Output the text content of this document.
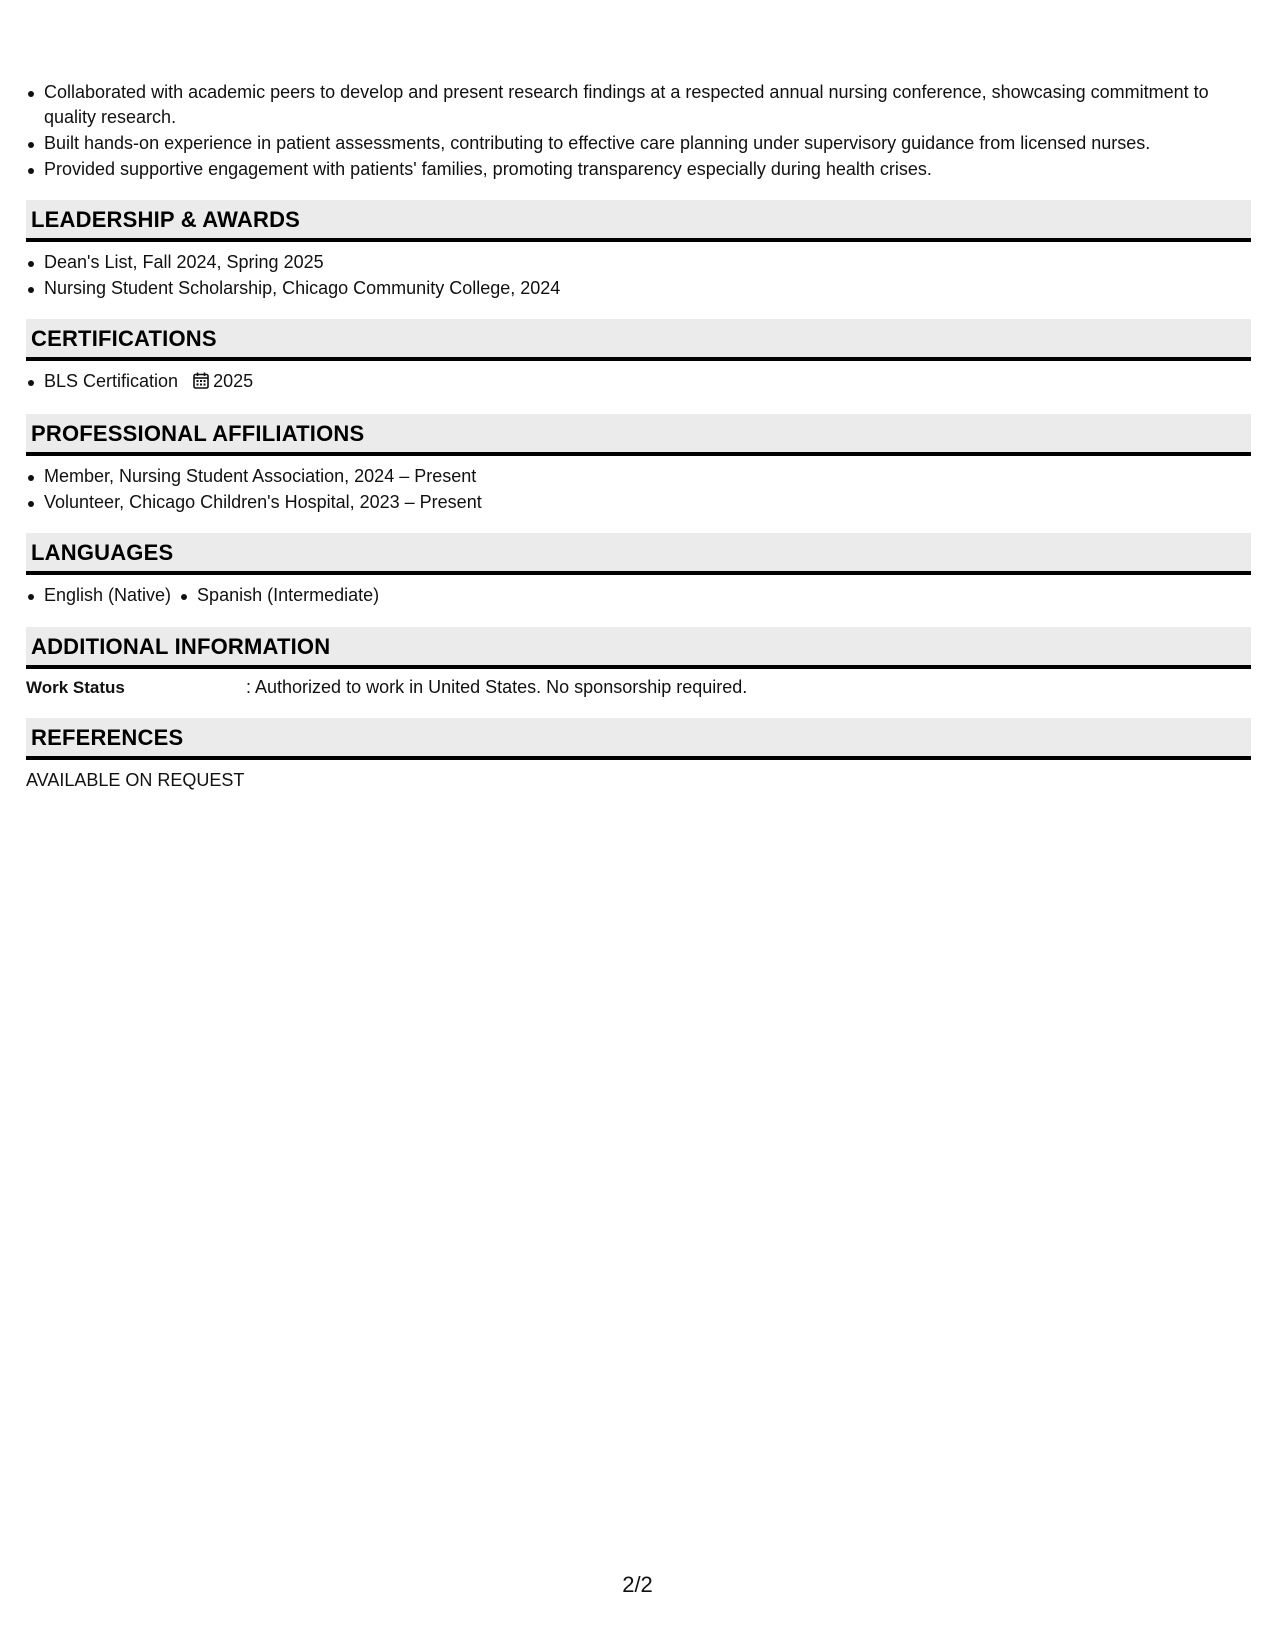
Collaborated with academic peers to develop and present research findings at a respected annual nursing conference, showcasing commitment to quality research.
Built hands-on experience in patient assessments, contributing to effective care planning under supervisory guidance from licensed nurses.
Provided supportive engagement with patients' families, promoting transparency especially during health crises.
LEADERSHIP & AWARDS
Dean's List, Fall 2024, Spring 2025
Nursing Student Scholarship, Chicago Community College, 2024
CERTIFICATIONS
BLS Certification 2025
PROFESSIONAL AFFILIATIONS
Member, Nursing Student Association, 2024 – Present
Volunteer, Chicago Children's Hospital, 2023 – Present
LANGUAGES
English (Native) Spanish (Intermediate)
ADDITIONAL INFORMATION
Work Status	: Authorized to work in United States. No sponsorship required.
REFERENCES
AVAILABLE ON REQUEST
2/2
